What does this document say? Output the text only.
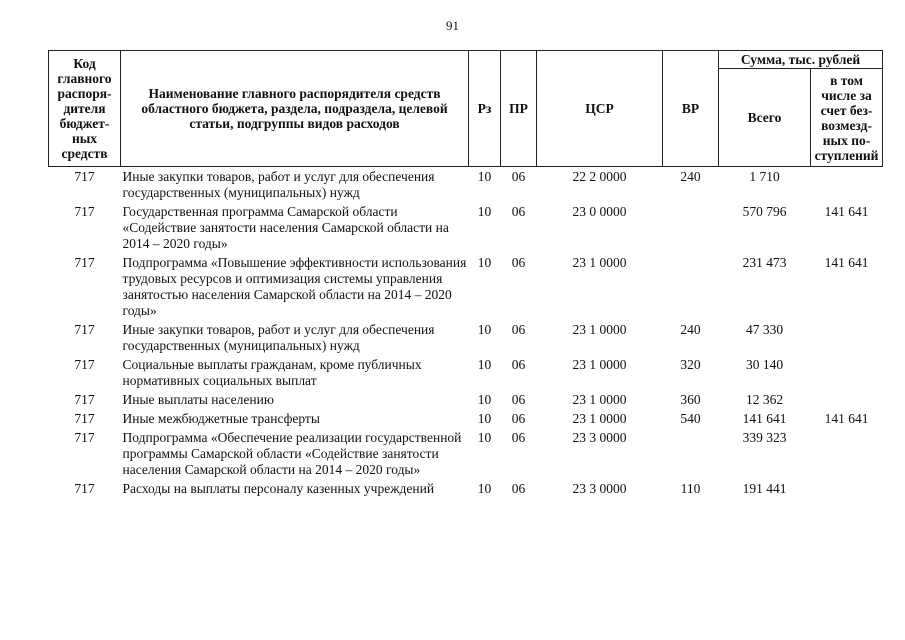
91
Код главного распоря-дителя бюджет-ных средств	Наименование главного распорядителя средств областного бюджета, раздела, подраздела, целевой статьи, подгруппы видов расходов	Рз	ПР	ЦСР	ВР	Сумма, тыс. рублей	
						Всего	в том числе за счет без-возмезд-ных по-ступлений
717	Иные закупки товаров, работ и услуг для обеспечения государственных (муниципальных) нужд	10	06	22 2 0000	240	1 710	
717	Государственная программа Самарской области «Содействие занятости населения Самарской области на 2014 – 2020 годы»	10	06	23 0 0000		570 796	141 641
717	Подпрограмма «Повышение эффективности использования трудовых ресурсов и оптимизация системы управления занятостью населения Самарской области на 2014 – 2020 годы»	10	06	23 1 0000		231 473	141 641
717	Иные закупки товаров, работ и услуг для обеспечения государственных (муниципальных) нужд	10	06	23 1 0000	240	47 330	
717	Социальные выплаты гражданам, кроме публичных нормативных социальных выплат	10	06	23 1 0000	320	30 140	
717	Иные выплаты населению	10	06	23 1 0000	360	12 362	
717	Иные межбюджетные трансферты	10	06	23 1 0000	540	141 641	141 641
717	Подпрограмма «Обеспечение реализации государственной программы Самарской области «Содействие занятости населения Самарской области на 2014 – 2020 годы»	10	06	23 3 0000		339 323	
717	Расходы на выплаты персоналу казенных учреждений	10	06	23 3 0000	110	191 441	
